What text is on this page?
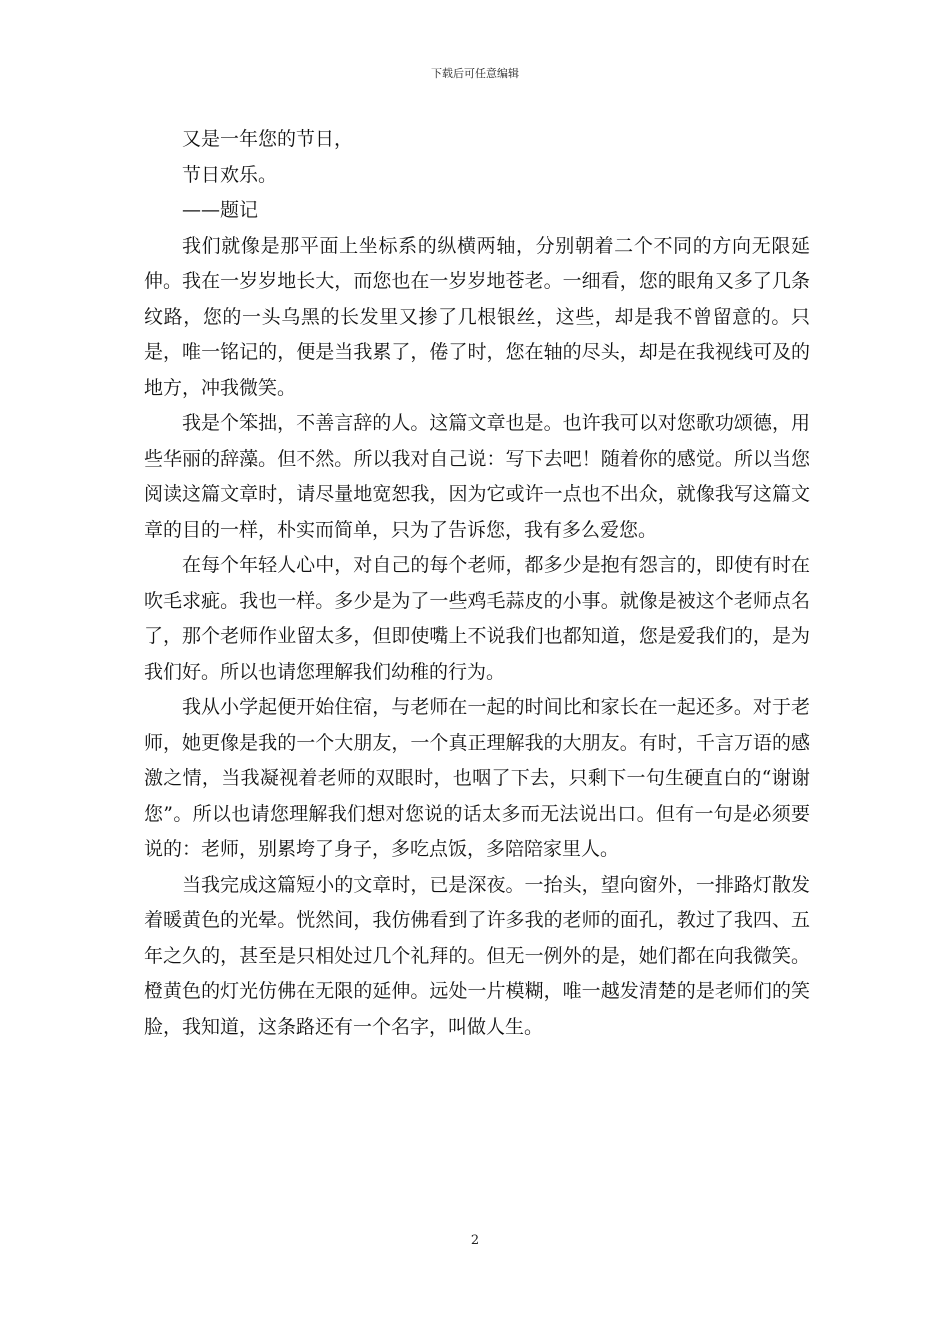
下载后可任意编辑

又是一年您的节日，

节日欢乐。

——题记

我们就像是那平面上坐标系的纵横两轴，分别朝着二个不同的方向无限延伸。我在一岁岁地长大，而您也在一岁岁地苍老。一细看，您的眼角又多了几条纹路，您的一头乌黑的长发里又掺了几根银丝，这些，却是我不曾留意的。只是，唯一铭记的，便是当我累了，倦了时，您在轴的尽头，却是在我视线可及的地方，冲我微笑。

我是个笨拙，不善言辞的人。这篇文章也是。也许我可以对您歌功颂德，用些华丽的辞藻。但不然。所以我对自己说：写下去吧！随着你的感觉。所以当您阅读这篇文章时，请尽量地宽恕我，因为它或许一点也不出众，就像我写这篇文章的目的一样，朴实而简单，只为了告诉您，我有多么爱您。

在每个年轻人心中，对自己的每个老师，都多少是抱有怨言的，即使有时在吹毛求疵。我也一样。多少是为了一些鸡毛蒜皮的小事。就像是被这个老师点名了，那个老师作业留太多，但即使嘴上不说我们也都知道，您是爱我们的，是为我们好。所以也请您理解我们幼稚的行为。

我从小学起便开始住宿，与老师在一起的时间比和家长在一起还多。对于老师，她更像是我的一个大朋友，一个真正理解我的大朋友。有时，千言万语的感激之情，当我凝视着老师的双眼时，也咽了下去，只剩下一句生硬直白的“谢谢您”。所以也请您理解我们想对您说的话太多而无法说出口。但有一句是必须要说的：老师，别累垮了身子，多吃点饭，多陪陪家里人。

当我完成这篇短小的文章时，已是深夜。一抬头，望向窗外，一排路灯散发着暖黄色的光晕。恍然间，我仿佛看到了许多我的老师的面孔，教过了我四、五年之久的，甚至是只相处过几个礼拜的。但无一例外的是，她们都在向我微笑。橙黄色的灯光仿佛在无限的延伸。远处一片模糊，唯一越发清楚的是老师们的笑脸，我知道，这条路还有一个名字，叫做人生。

2
